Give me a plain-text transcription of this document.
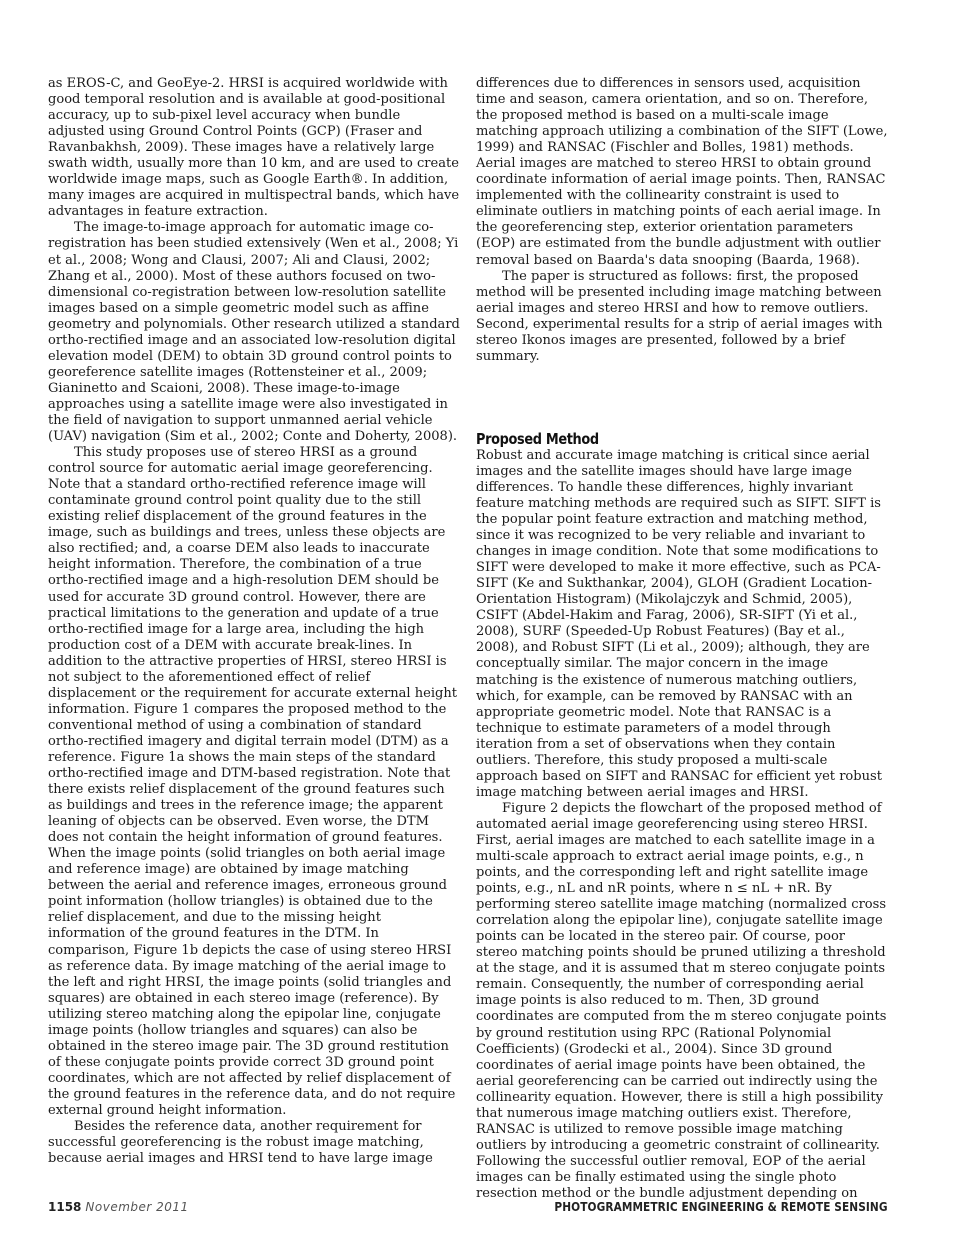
as EROS-C, and GeoEye-2. HRSI is acquired worldwide with good temporal resolution and is available at good-positional accuracy, up to sub-pixel level accuracy when bundle adjusted using Ground Control Points (GCP) (Fraser and Ravanbakhsh, 2009). These images have a relatively large swath width, usually more than 10 km, and are used to create worldwide image maps, such as Google Earth®. In addition, many images are acquired in multispectral bands, which have advantages in feature extraction.

The image-to-image approach for automatic image co-registration has been studied extensively (Wen et al., 2008; Yi et al., 2008; Wong and Clausi, 2007; Ali and Clausi, 2002; Zhang et al., 2000). Most of these authors focused on two-dimensional co-registration between low-resolution satellite images based on a simple geometric model such as affine geometry and polynomials. Other research utilized a standard ortho-rectified image and an associated low-resolution digital elevation model (DEM) to obtain 3D ground control points to georeference satellite images (Rottensteiner et al., 2009; Gianinetto and Scaioni, 2008). These image-to-image approaches using a satellite image were also investigated in the field of navigation to support unmanned aerial vehicle (UAV) navigation (Sim et al., 2002; Conte and Doherty, 2008).

This study proposes use of stereo HRSI as a ground control source for automatic aerial image georeferencing. Note that a standard ortho-rectified reference image will contaminate ground control point quality due to the still existing relief displacement of the ground features in the image, such as buildings and trees, unless these objects are also rectified; and, a coarse DEM also leads to inaccurate height information. Therefore, the combination of a true ortho-rectified image and a high-resolution DEM should be used for accurate 3D ground control. However, there are practical limitations to the generation and update of a true ortho-rectified image for a large area, including the high production cost of a DEM with accurate break-lines. In addition to the attractive properties of HRSI, stereo HRSI is not subject to the aforementioned effect of relief displacement or the requirement for accurate external height information. Figure 1 compares the proposed method to the conventional method of using a combination of standard ortho-rectified imagery and digital terrain model (DTM) as a reference. Figure 1a shows the main steps of the standard ortho-rectified image and DTM-based registration. Note that there exists relief displacement of the ground features such as buildings and trees in the reference image; the apparent leaning of objects can be observed. Even worse, the DTM does not contain the height information of ground features. When the image points (solid triangles on both aerial image and reference image) are obtained by image matching between the aerial and reference images, erroneous ground point information (hollow triangles) is obtained due to the relief displacement, and due to the missing height information of the ground features in the DTM. In comparison, Figure 1b depicts the case of using stereo HRSI as reference data. By image matching of the aerial image to the left and right HRSI, the image points (solid triangles and squares) are obtained in each stereo image (reference). By utilizing stereo matching along the epipolar line, conjugate image points (hollow triangles and squares) can also be obtained in the stereo image pair. The 3D ground restitution of these conjugate points provide correct 3D ground point coordinates, which are not affected by relief displacement of the ground features in the reference data, and do not require external ground height information.

Besides the reference data, another requirement for successful georeferencing is the robust image matching, because aerial images and HRSI tend to have large image

differences due to differences in sensors used, acquisition time and season, camera orientation, and so on. Therefore, the proposed method is based on a multi-scale image matching approach utilizing a combination of the SIFT (Lowe, 1999) and RANSAC (Fischler and Bolles, 1981) methods. Aerial images are matched to stereo HRSI to obtain ground coordinate information of aerial image points. Then, RANSAC implemented with the collinearity constraint is used to eliminate outliers in matching points of each aerial image. In the georeferencing step, exterior orientation parameters (EOP) are estimated from the bundle adjustment with outlier removal based on Baarda's data snooping (Baarda, 1968).

The paper is structured as follows: first, the proposed method will be presented including image matching between aerial images and stereo HRSI and how to remove outliers. Second, experimental results for a strip of aerial images with stereo Ikonos images are presented, followed by a brief summary.

Proposed Method

Robust and accurate image matching is critical since aerial images and the satellite images should have large image differences. To handle these differences, highly invariant feature matching methods are required such as SIFT. SIFT is the popular point feature extraction and matching method, since it was recognized to be very reliable and invariant to changes in image condition. Note that some modifications to SIFT were developed to make it more effective, such as PCA-SIFT (Ke and Sukthankar, 2004), GLOH (Gradient Location-Orientation Histogram) (Mikolajczyk and Schmid, 2005), CSIFT (Abdel-Hakim and Farag, 2006), SR-SIFT (Yi et al., 2008), SURF (Speeded-Up Robust Features) (Bay et al., 2008), and Robust SIFT (Li et al., 2009); although, they are conceptually similar. The major concern in the image matching is the existence of numerous matching outliers, which, for example, can be removed by RANSAC with an appropriate geometric model. Note that RANSAC is a technique to estimate parameters of a model through iteration from a set of observations when they contain outliers. Therefore, this study proposed a multi-scale approach based on SIFT and RANSAC for efficient yet robust image matching between aerial images and HRSI.

Figure 2 depicts the flowchart of the proposed method of automated aerial image georeferencing using stereo HRSI. First, aerial images are matched to each satellite image in a multi-scale approach to extract aerial image points, e.g., n points, and the corresponding left and right satellite image points, e.g., nL and nR points, where n ≤ nL + nR. By performing stereo satellite image matching (normalized cross correlation along the epipolar line), conjugate satellite image points can be located in the stereo pair. Of course, poor stereo matching points should be pruned utilizing a threshold at the stage, and it is assumed that m stereo conjugate points remain. Consequently, the number of corresponding aerial image points is also reduced to m. Then, 3D ground coordinates are computed from the m stereo conjugate points by ground restitution using RPC (Rational Polynomial Coefficients) (Grodecki et al., 2004). Since 3D ground coordinates of aerial image points have been obtained, the aerial georeferencing can be carried out indirectly using the collinearity equation. However, there is still a high possibility that numerous image matching outliers exist. Therefore, RANSAC is utilized to remove possible image matching outliers by introducing a geometric constraint of collinearity. Following the successful outlier removal, EOP of the aerial images can be finally estimated using the single photo resection method or the bundle adjustment depending on

1158 November 2011	PHOTOGRAMMETRIC ENGINEERING & REMOTE SENSING
